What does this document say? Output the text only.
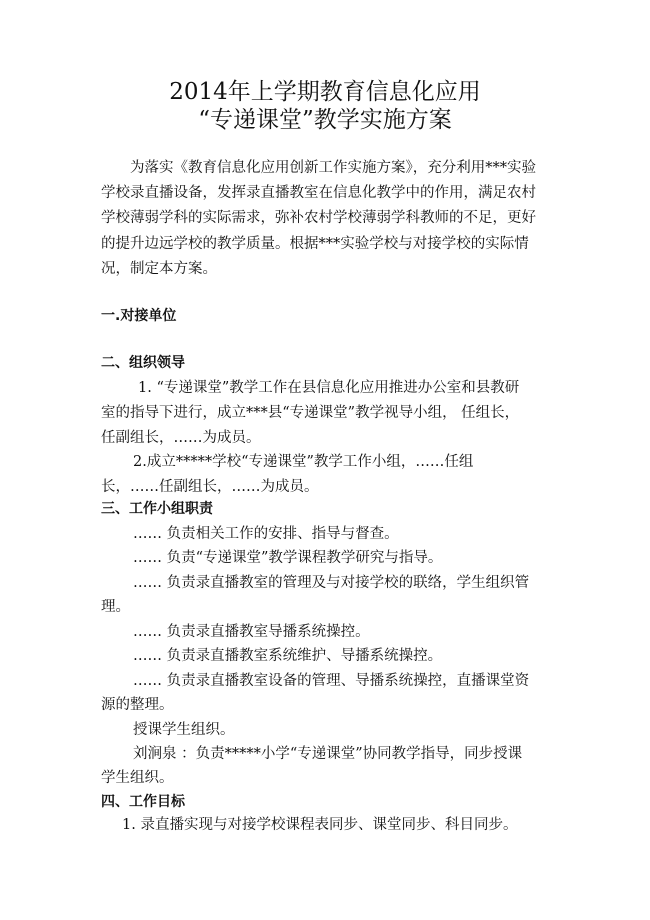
2014年上学期教育信息化应用
“专递课堂”教学实施方案
为落实《教育信息化应用创新工作实施方案》，充分利用***实验
学校录直播设备，发挥录直播教室在信息化教学中的作用，满足农村
学校薄弱学科的实际需求，弥补农村学校薄弱学科教师的不足，更好
的提升边远学校的教学质量。根据***实验学校与对接学校的实际情
况，制定本方案。
一.对接单位
二、组织领导
1. “专递课堂”教学工作在县信息化应用推进办公室和县教研
室的指导下进行，成立***县“专递课堂”教学视导小组， 任组长，
任副组长，……为成员。
2.成立*****学校“专递课堂”教学工作小组，……任组
长，……任副组长，……为成员。
三、工作小组职责
…… 负责相关工作的安排、指导与督查。
…… 负责“专递课堂”教学课程教学研究与指导。
…… 负责录直播教室的管理及与对接学校的联络，学生组织管
理。
…… 负责录直播教室导播系统操控。
…… 负责录直播教室系统维护、导播系统操控。
…… 负责录直播教室设备的管理、导播系统操控，直播课堂资
源的整理。
授课学生组织。
刘涧泉 ：负责*****小学“专递课堂”协同教学指导，同步授课
学生组织。
四、工作目标
1. 录直播实现与对接学校课程表同步、课堂同步、科目同步。
